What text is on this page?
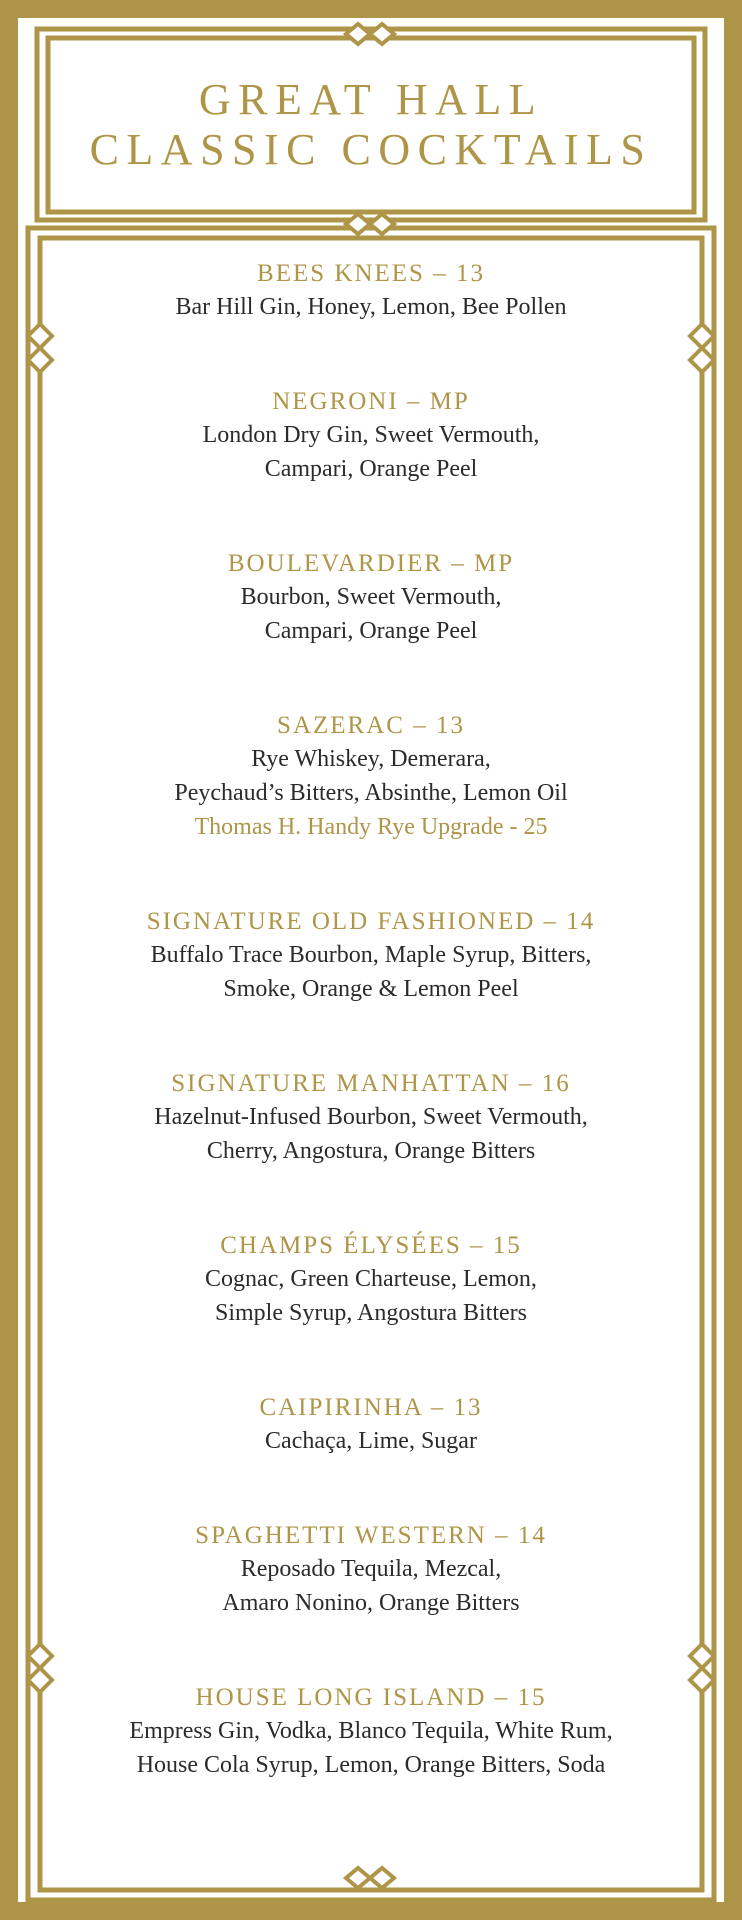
GREAT HALL
CLASSIC COCKTAILS
BEES KNEES – 13
Bar Hill Gin, Honey, Lemon, Bee Pollen
NEGRONI – MP
London Dry Gin, Sweet Vermouth,
Campari, Orange Peel
BOULEVARDIER – MP
Bourbon, Sweet Vermouth,
Campari, Orange Peel
SAZERAC – 13
Rye Whiskey, Demerara,
Peychaud’s Bitters, Absinthe, Lemon Oil
Thomas H. Handy Rye Upgrade - 25
SIGNATURE OLD FASHIONED – 14
Buffalo Trace Bourbon, Maple Syrup, Bitters,
Smoke, Orange & Lemon Peel
SIGNATURE MANHATTAN – 16
Hazelnut-Infused Bourbon, Sweet Vermouth,
Cherry, Angostura, Orange Bitters
CHAMPS ÉLYSÉES – 15
Cognac, Green Charteuse, Lemon,
Simple Syrup, Angostura Bitters
CAIPIRINHA – 13
Cachaça, Lime, Sugar
SPAGHETTI WESTERN – 14
Reposado Tequila, Mezcal,
Amaro Nonino, Orange Bitters
HOUSE LONG ISLAND – 15
Empress Gin, Vodka, Blanco Tequila, White Rum,
House Cola Syrup, Lemon, Orange Bitters, Soda
